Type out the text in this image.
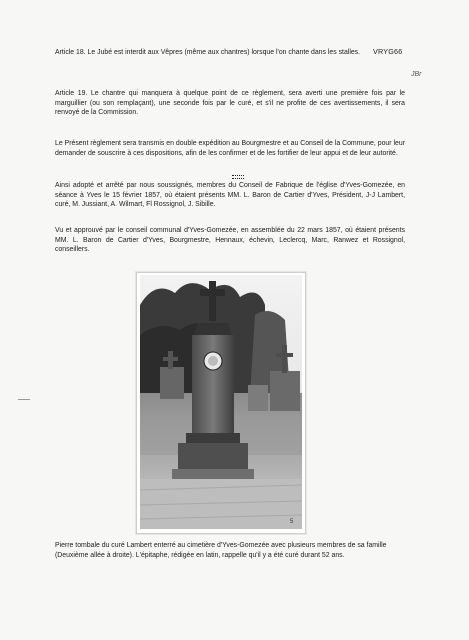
VRYG66
JBr

Article 18. Le Jubé est interdit aux Vêpres (même aux chantres) lorsque l'on chante dans les stalles.

Article 19. Le chantre qui manquera à quelque point de ce règlement, sera averti une première fois par le marguillier (ou son remplaçant), une seconde fois par le curé, et s'il ne profite de ces avertissements, il sera renvoyé de la Commission.

Le Présent règlement sera transmis en double expédition au Bourgmestre et au Conseil de la Commune, pour leur demander de souscrire à ces dispositions, afin de les confirmer et de les fortifier de leur appui et de leur autorité.

Ainsi adopté et arrêté par nous soussignés, membres du Conseil de Fabrique de l'église d'Yves-Gomezée, en séance à Yves le 15 février 1857, où étaient présents MM. L. Baron de Cartier d'Yves, Président, J-J Lambert, curé, M. Jussiant, A. Wilmart, Fl Rossignol, J. Sibille.

Vu et approuvé par le conseil communal d'Yves-Gomezée, en assemblée du 22 mars 1857, où étaient présents MM. L. Baron de Cartier d'Yves, Bourgmestre, Hennaux, échevin, Leclercq, Marc, Ranwez et Rossignol, conseillers.

5

Pierre tombale du curé Lambert enterré au cimetière d'Yves-Gomezée avec plusieurs membres de sa famille (Deuxième allée à droite). L'épitaphe, rédigée en latin, rappelle qu'il y a été curé durant 52 ans.
